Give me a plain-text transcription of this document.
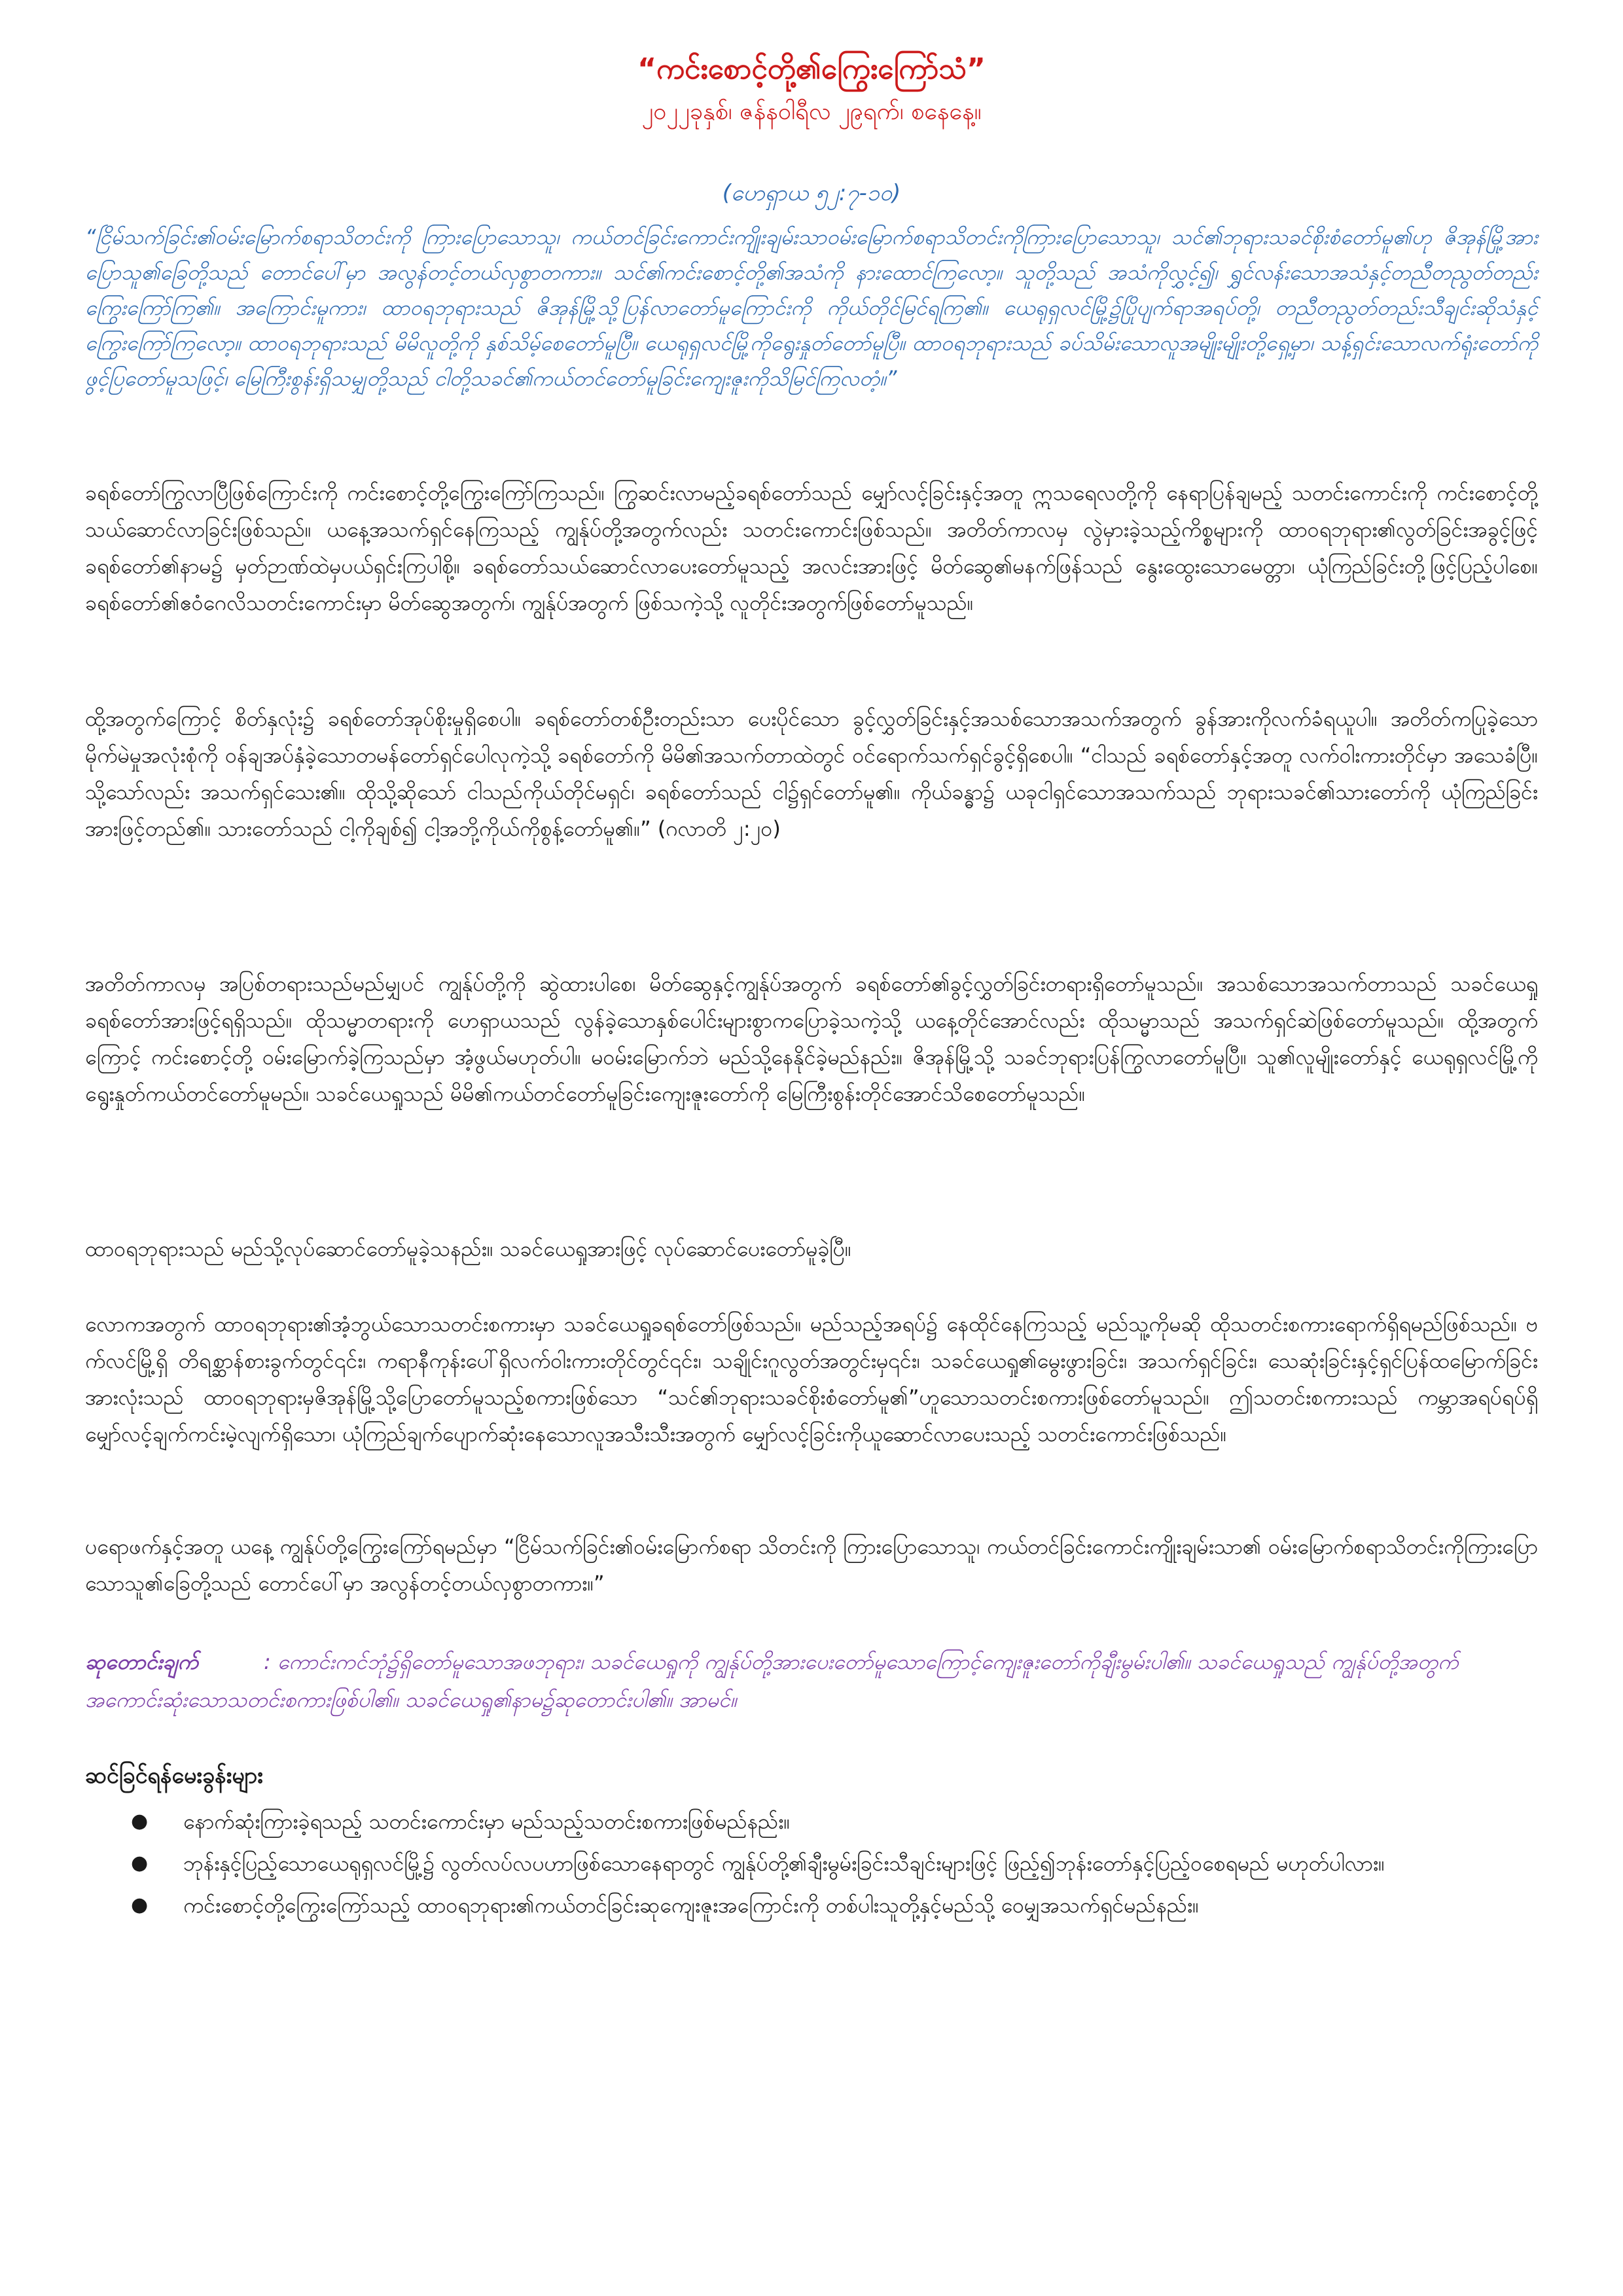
“ကင်းစောင့်တို့၏ကြွေးကြော်သံ”

၂၀၂၂ခုနှစ်၊ ဇန်နဝါရီလ ၂၉ရက်၊ စနေနေ့။

(ဟေရှာယ ၅၂:၇-၁၀)

“ငြိမ်သက်ခြင်း၏ဝမ်းမြောက်စရာသိတင်းကို ကြားပြောသောသူ၊ ကယ်တင်ခြင်းကောင်းကျိုးချမ်းသာဝမ်းမြောက်စရာသိတင်းကိုကြားပြောသောသူ၊ သင်၏ဘုရားသခင်စိုးစံတော်မူ၏ဟု ဇိအုန်မြို့အားပြောသူ၏ခြေတို့သည် တောင်ပေါ်မှာ အလွန်တင့်တယ်လှစွာတကား။ သင်၏ကင်းစောင့်တို့၏အသံကို နားထောင်ကြလော့။ သူတို့သည် အသံကိုလွှင့်၍၊ ရွှင်လန်းသောအသံနှင့်တညီတညွတ်တည်းကြွေးကြော်ကြ၏။ အကြောင်းမူကား၊ ထာဝရဘုရားသည် ဇိအုန်မြို့သို့ပြန်လာတော်မူကြောင်းကို ကိုယ်တိုင်မြင်ရကြ၏။ ယေရုရှလင်မြို့၌ပြိုပျက်ရာအရပ်တို့၊ တညီတညွတ်တည်းသီချင်းဆိုသံနှင့် ကြွေးကြော်ကြလော့။ ထာဝရဘုရားသည် မိမိလူတို့ကို နှစ်သိမ့်စေတော်မူပြီ။ ယေရုရှလင်မြို့ကိုရွေးနှုတ်တော်မူပြီ။ ထာဝရဘုရားသည် ခပ်သိမ်းသောလူအမျိုးမျိုးတို့ရှေ့မှာ၊ သန့်ရှင်းသောလက်ရုံးတော်ကို ဖွင့်ပြတော်မူသဖြင့်၊ မြေကြီးစွန်းရှိသမျှတို့သည် ငါတို့သခင်၏ကယ်တင်တော်မူခြင်းကျေးဇူးကိုသိမြင်ကြလတံ့။”

ခရစ်တော်ကြွလာပြီဖြစ်ကြောင်းကို ကင်းစောင့်တို့ကြွေးကြော်ကြသည်။ ကြွဆင်းလာမည့်ခရစ်တော်သည် မျှော်လင့်ခြင်းနှင့်အတူ ဣသရေလတို့ကို နေရာပြန်ချမည့် သတင်းကောင်းကို ကင်းစောင့်တို့သယ်ဆောင်လာခြင်းဖြစ်သည်။ ယနေ့အသက်ရှင်နေကြသည့် ကျွန်ုပ်တို့အတွက်လည်း သတင်းကောင်းဖြစ်သည်။ အတိတ်ကာလမှ လွဲမှားခဲ့သည့်ကိစ္စများကို ထာဝရဘုရား၏လွတ်ခြင်းအခွင့်ဖြင့်ခရစ်တော်၏နာမ၌ မှတ်ဉာဏ်ထဲမှပယ်ရှင်းကြပါစို့။ ခရစ်တော်သယ်ဆောင်လာပေးတော်မူသည့် အလင်းအားဖြင့် မိတ်ဆွေ၏မနက်ဖြန်သည် နွေးထွေးသောမေတ္တာ၊ ယုံကြည်ခြင်းတို့ဖြင့်ပြည့်ပါစေ။ ခရစ်တော်၏ဧဝံဂေလိသတင်းကောင်းမှာ မိတ်ဆွေအတွက်၊ ကျွန်ုပ်အတွက် ဖြစ်သကဲ့သို့ လူတိုင်းအတွက်ဖြစ်တော်မူသည်။

ထို့အတွက်ကြောင့် စိတ်နှလုံး၌ ခရစ်တော်အုပ်စိုးမှုရှိစေပါ။ ခရစ်တော်တစ်ဦးတည်းသာ ပေးပိုင်သော ခွင့်လွှတ်ခြင်းနှင့်အသစ်သောအသက်အတွက် ခွန်အားကိုလက်ခံရယူပါ။ အတိတ်ကပြုခဲ့သော မိုက်မဲမှုအလုံးစုံကို ဝန်ချအပ်နှံခဲ့သောတမန်တော်ရှင်ပေါလုကဲ့သို့ ခရစ်တော်ကို မိမိ၏အသက်တာထဲတွင် ဝင်ရောက်သက်ရှင်ခွင့်ရှိစေပါ။ “ငါသည် ခရစ်တော်နှင့်အတူ လက်ဝါးကားတိုင်မှာ အသေခံပြီ။ သို့သော်လည်း အသက်ရှင်သေး၏။ ထိုသို့ဆိုသော် ငါသည်ကိုယ်တိုင်မရှင်၊ ခရစ်တော်သည် ငါ၌ရှင်တော်မူ၏။ ကိုယ်ခန္ဓာ၌ ယခုငါရှင်သောအသက်သည် ဘုရားသခင်၏သားတော်ကို ယုံကြည်ခြင်းအားဖြင့်တည်၏။ သားတော်သည် ငါ့ကိုချစ်၍ ငါ့အဘို့ကိုယ်ကိုစွန့်တော်မူ၏။” (ဂလာတိ ၂:၂၀)

အတိတ်ကာလမှ အပြစ်တရားသည်မည်မျှပင် ကျွန်ုပ်တို့ကို ဆွဲထားပါစေ၊ မိတ်ဆွေနှင့်ကျွန်ုပ်အတွက် ခရစ်တော်၏ခွင့်လွှတ်ခြင်းတရားရှိတော်မူသည်။ အသစ်သောအသက်တာသည် သခင်ယေရှုခရစ်တော်အားဖြင့်ရရှိသည်။ ထိုသမ္မာတရားကို ဟေရှာယသည် လွန်ခဲ့သောနှစ်ပေါင်းများစွာကပြောခဲ့သကဲ့သို့ ယနေ့တိုင်အောင်လည်း ထိုသမ္မာသည် အသက်ရှင်ဆဲဖြစ်တော်မူသည်။ ထို့အတွက်ကြောင့် ကင်းစောင့်တို့ ဝမ်းမြောက်ခဲ့ကြသည်မှာ အံ့ဖွယ်မဟုတ်ပါ။ မဝမ်းမြောက်ဘဲ မည်သို့နေနိုင်ခဲ့မည်နည်း။ ဇိအုန်မြို့သို့ သခင်ဘုရားပြန်ကြွလာတော်မူပြီ။ သူ၏လူမျိုးတော်နှင့် ယေရုရှလင်မြို့ကိုရွေးနှုတ်ကယ်တင်တော်မူမည်။ သခင်ယေရှုသည် မိမိ၏ကယ်တင်တော်မူခြင်းကျေးဇူးတော်ကို မြေကြီးစွန်းတိုင်အောင်သိစေတော်မူသည်။

ထာဝရဘုရားသည် မည်သို့လုပ်ဆောင်တော်မူခဲ့သနည်း။ သခင်ယေရှုအားဖြင့် လုပ်ဆောင်ပေးတော်မူခဲ့ပြီ။

လောကအတွက် ထာဝရဘုရား၏အံ့ဘွယ်သောသတင်းစကားမှာ သခင်ယေရှုခရစ်တော်ဖြစ်သည်။ မည်သည့်အရပ်၌ နေထိုင်နေကြသည့် မည်သူ့ကိုမဆို ထိုသတင်းစကားရောက်ရှိရမည်ဖြစ်သည်။ ဗက်လင်မြို့ရှိ တိရစ္ဆာန်စားခွက်တွင်၎င်း၊ ကရာနီကုန်းပေါ်ရှိလက်ဝါးကားတိုင်တွင်၎င်း၊ သချိုင်းဂူလွတ်အတွင်းမှ၎င်း၊ သခင်ယေရှု၏မွေးဖွားခြင်း၊ အသက်ရှင်ခြင်း၊ သေဆုံးခြင်းနှင့်ရှင်ပြန်ထမြောက်ခြင်းအားလုံးသည် ထာဝရဘုရားမှဇိအုန်မြို့သို့ပြောတော်မူသည့်စကားဖြစ်သော “သင်၏ဘုရားသခင်စိုးစံတော်မူ၏”ဟူသောသတင်းစကားဖြစ်တော်မူသည်။ ဤသတင်းစကားသည် ကမ္ဘာအရပ်ရပ်ရှိ မျှော်လင့်ချက်ကင်းမဲ့လျက်ရှိသော၊ ယုံကြည်ချက်ပျောက်ဆုံးနေသောလူအသီးသီးအတွက် မျှော်လင့်ခြင်းကိုယူဆောင်လာပေးသည့် သတင်းကောင်းဖြစ်သည်။

ပရောဖက်နှင့်အတူ ယနေ့ ကျွန်ုပ်တို့ကြွေးကြော်ရမည်မှာ “ငြိမ်သက်ခြင်း၏ဝမ်းမြောက်စရာ သိတင်းကို ကြားပြောသောသူ၊ ကယ်တင်ခြင်းကောင်းကျိုးချမ်းသာ၏ ဝမ်းမြောက်စရာသိတင်းကိုကြားပြောသောသူ၏ခြေတို့သည် တောင်ပေါ်မှာ အလွန်တင့်တယ်လှစွာတကား။”

ဆုတောင်းချက်	: ကောင်းကင်ဘုံ၌ရှိတော်မူသောအဖဘုရား၊ သခင်ယေရှုကို ကျွန်ုပ်တို့အားပေးတော်မူသောကြောင့်ကျေးဇူးတော်ကိုချီးမွမ်းပါ၏။ သခင်ယေရှုသည် ကျွန်ုပ်တို့အတွက် အကောင်းဆုံးသောသတင်းစကားဖြစ်ပါ၏။ သခင်ယေရှု၏နာမ၌ဆုတောင်းပါ၏။ အာမင်။

ဆင်ခြင်ရန်မေးခွန်းများ
● နောက်ဆုံးကြားခဲ့ရသည့် သတင်းကောင်းမှာ မည်သည့်သတင်းစကားဖြစ်မည်နည်း။
● ဘုန်းနှင့်ပြည့်သောယေရုရှလင်မြို့၌ လွတ်လပ်လပဟာဖြစ်သောနေရာတွင် ကျွန်ုပ်တို့၏ချီးမွမ်းခြင်းသီချင်းများဖြင့် ဖြည့်၍ဘုန်းတော်နှင့်ပြည့်ဝစေရမည် မဟုတ်ပါလား။
● ကင်းစောင့်တို့ကြွေးကြော်သည့် ထာဝရဘုရား၏ကယ်တင်ခြင်းဆုကျေးဇူးအကြောင်းကို တစ်ပါးသူတို့နှင့်မည်သို့ ဝေမျှအသက်ရှင်မည်နည်း။
